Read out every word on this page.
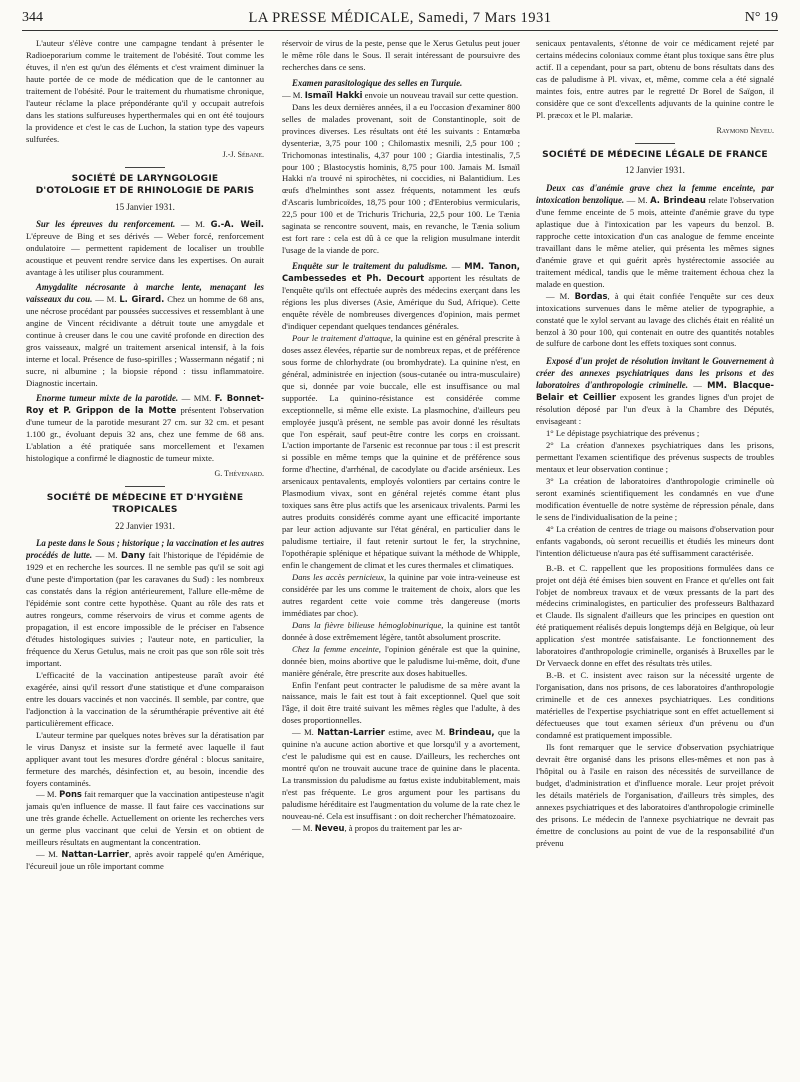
344	LA PRESSE MÉDICALE, Samedi, 7 Mars 1931	N° 19

L'auteur s'élève contre une campagne tendant à présenter le Radioeporarium comme le traitement de l'obésité. Tout comme les étuves, il n'en est qu'un des éléments et c'est vraiment diminuer la haute portée de ce mode de médication que de le cantonner au traitement de l'obésité. Pour le traitement du rhumatisme chronique, l'auteur réclame la place prépondérante qu'il y occupait autrefois dans les stations sulfureuses hyperthermales qui en ont été toujours la providence et c'est le cas de Luchon, la station type des vapeurs sulfurées.

J.-J. Sébane.

SOCIÉTÉ DE LARYNGOLOGIE
D'OTOLOGIE ET DE RHINOLOGIE DE PARIS

15 Janvier 1931.

Sur les épreuves du renforcement. — M. G.-A. Weil. L'épreuve de Bing et ses dérivés — Weber forcé, renforcement ondulatoire — permettent rapidement de localiser un troublle acoustique et peuvent rendre service dans les expertises. On aurait avantage à les utiliser plus couramment.

Amygdalite nécrosante à marche lente, menaçant les vaisseaux du cou. — M. L. Girard. Chez un homme de 68 ans, une nécrose procédant par poussées successives et ressemblant à une angine de Vincent récidivante a détruit toute une amygdale et continue à creuser dans le cou une cavité profonde en direction des gros vaisseaux, malgré un traitement arsenical intensif, à la fois interne et local. Présence de fuso-spirilles ; Wassermann négatif ; ni sucre, ni albumine ; la biopsie répond : tissu inflammatoire. Diagnostic incertain.

Enorme tumeur mixte de la parotide. — MM. F. Bonnet-Roy et P. Grippon de la Motte présentent l'observation d'une tumeur de la parotide mesurant 27 cm. sur 32 cm. et pesant 1.100 gr., évoluant depuis 32 ans, chez une femme de 68 ans. L'ablation a été pratiquée sans morcellement et l'examen histologique a confirmé le diagnostic de tumeur mixte.

G. Thévenard.

SOCIÉTÉ DE MÉDECINE ET D'HYGIÈNE TROPICALES

22 Janvier 1931.

La peste dans le Sous ; historique ; la vaccination et les autres procédés de lutte. — M. Dany fait l'historique de l'épidémie de 1929 et en recherche les sources. Il ne semble pas qu'il se soit agi d'une peste d'importation (par les caravanes du Sud) : les nombreux cas constatés dans la région antérieurement, l'allure elle-même de l'épidémie sont contre cette hypothèse. Quant au rôle des rats et autres rongeurs, comme réservoirs de virus et comme agents de propagation, il est encore impossible de le préciser en l'absence d'études histologiques suivies ; l'auteur note, en particulier, la fréquence du Xerus Getulus, mais ne croit pas que son rôle soit très important.

L'efficacité de la vaccination antipesteuse paraît avoir été exagérée, ainsi qu'il ressort d'une statistique et d'une comparaison entre les douars vaccinés et non vaccinés. Il semble, par contre, que l'adjonction à la vaccination de la sérumthérapie préventive ait été particulièrement efficace.

L'auteur termine par quelques notes brèves sur la dératisation par le virus Danysz et insiste sur la fermeté avec laquelle il faut appliquer avant tout les mesures d'ordre général : blocus sanitaire, fermeture des marchés, désinfection et, au besoin, incendie des foyers contaminés.

— M. Pons fait remarquer que la vaccination antipesteuse n'agit jamais qu'en influence de masse. Il faut faire ces vaccinations sur une très grande échelle. Actuellement on oriente les recherches vers un germe plus vaccinant que celui de Yersin et on obtient de meilleurs résultats en augmentant la concentration.

— M. Nattan-Larrier, après avoir rappelé qu'en Amérique, l'écureuil joue un rôle important comme

réservoir de virus de la peste, pense que le Xerus Getulus peut jouer le même rôle dans le Sous. Il serait intéressant de poursuivre des recherches dans ce sens.

Examen parasitologique des selles en Turquie.
— M. Ismaïl Hakki envoie un nouveau travail sur cette question.

Dans les deux dernières années, il a eu l'occasion d'examiner 800 selles de malades provenant, soit de Constantinople, soit de provinces diverses. Les résultats ont été les suivants : Entamœba dysenteriæ, 3,75 pour 100 ; Chilomastix mesnili, 2,5 pour 100 ; Trichomonas intestinalis, 4,37 pour 100 ; Giardia intestinalis, 7,5 pour 100 ; Blastocystis hominis, 8,75 pour 100. Jamais M. Ismaïl Hakki n'a trouvé ni spirochètes, ni coccidies, ni Balantidium. Les œufs d'helminthes sont assez fréquents, notamment les œufs d'Ascaris lumbricoïdes, 18,75 pour 100 ; d'Enterobius vermicularis, 22,5 pour 100 et de Trichuris Trichuria, 22,5 pour 100. Le Tænia saginata se rencontre souvent, mais, en revanche, le Tænia solium est fort rare : cela est dû à ce que la religion musulmane interdit l'usage de la viande de porc.

Enquête sur le traitement du paludisme. — MM. Tanon, Cambessedes et Ph. Decourt apportent les résultats de l'enquête qu'ils ont effectuée auprès des médecins exerçant dans les régions les plus diverses (Asie, Amérique du Sud, Afrique). Cette enquête révèle de nombreuses divergences d'opinion, mais permet d'indiquer cependant quelques tendances générales.

Pour le traitement d'attaque, la quinine est en général prescrite à doses assez élevées, répartie sur de nombreux repas, et de préférence sous forme de chlorhydrate (ou bromhydrate). La quinine n'est, en général, administrée en injection (sous-cutanée ou intra-musculaire) que si, donnée par voie buccale, elle est insuffisance ou mal supportée. La quinino-résistance est considérée comme exceptionnelle, si même elle existe. La plasmochine, d'ailleurs peu employée jusqu'à présent, ne semble pas avoir donné les résultats que l'on espérait, sauf peut-être contre les corps en croissant. L'action importante de l'arsenic est reconnue par tous : il est prescrit si possible en même temps que la quinine et de préférence sous forme d'hectine, d'arrhénal, de cacodylate ou d'acide arsénieux. Les arsenicaux pentavalents, employés volontiers par certains contre le Plasmodium vivax, sont en général rejetés comme étant plus toxiques sans être plus actifs que les arsenicaux trivalents. Parmi les autres produits considérés comme ayant une efficacité importante par leur action adjuvante sur l'état général, en particulier dans le paludisme tertiaire, il faut retenir surtout le fer, la strychnine, l'opothérapie splénique et hépatique suivant la méthode de Whipple, enfin le changement de climat et les cures thermales et climatiques.

Dans les accès pernicieux, la quinine par voie intra-veineuse est considérée par les uns comme le traitement de choix, alors que les autres regardent cette voie comme très dangereuse (morts immédiates par choc).

Dans la fièvre bilieuse hémoglobinurique, la quinine est tantôt donnée à dose extrêmement légère, tantôt absolument proscrite.

Chez la femme enceinte, l'opinion générale est que la quinine, donnée bien, moins abortive que le paludisme lui-même, doit, d'une manière générale, être prescrite aux doses habituelles.

Enfin l'enfant peut contracter le paludisme de sa mère avant la naissance, mais le fait est tout à fait exceptionnel. Quel que soit l'âge, il doit être traité suivant les mêmes règles que l'adulte, à des doses proportionnelles.

— M. Nattan-Larrier estime, avec M. Brindeau, que la quinine n'a aucune action abortive et que lorsqu'il y a avortement, c'est le paludisme qui est en cause. D'ailleurs, les recherches ont montré qu'on ne trouvait aucune trace de quinine dans le placenta. La transmission du paludisme au fœtus existe indubitablement, mais n'est pas fréquente. Le gros argument pour les partisans du paludisme héréditaire est l'augmentation du volume de la rate chez le nouveau-né. Cela est insuffisant : on doit rechercher l'hématozoaire.

— M. Neveu, à propos du traitement par les ar-

senicaux pentavalents, s'étonne de voir ce médicament rejeté par certains médecins coloniaux comme étant plus toxique sans être plus actif. Il a cependant, pour sa part, obtenu de bons résultats dans des cas de paludisme à Pl. vivax, et, même, comme cela a été signalé maintes fois, entre autres par le regretté Dr Borel de Saïgon, il considère que ce sont d'excellents adjuvants de la quinine contre le Pl. præcox et le Pl. malariæ.

Raymond Neveu.

SOCIÉTÉ DE MÉDECINE LÉGALE DE FRANCE

12 Janvier 1931.

Deux cas d'anémie grave chez la femme enceinte, par intoxication benzolique. — M. A. Brindeau relate l'observation d'une femme enceinte de 5 mois, atteinte d'anémie grave du type aplastique due à l'intoxication par les vapeurs du benzol. B. rapproche cette intoxication d'un cas analogue de femme enceinte travaillant dans le même atelier, qui présenta les mêmes signes d'anémie grave et qui guérit après hystérectomie associée au traitement médical, tandis que le même traitement échoua chez la malade en question.

— M. Bordas, à qui était confiée l'enquête sur ces deux intoxications survenues dans le même atelier de typographie, a constaté que le xylol servant au lavage des clichés était en réalité un benzol à 30 pour 100, qui contenait en outre des quantités notables de sulfure de carbone dont les effets toxiques sont connus.

Exposé d'un projet de résolution invitant le Gouvernement à créer des annexes psychiatriques dans les prisons et des laboratoires d'anthropologie criminelle. — MM. Blacque-Belair et Ceillier exposent les grandes lignes d'un projet de résolution déposé par l'un d'eux à la Chambre des Députés, envisageant :

1° Le dépistage psychiatrique des prévenus ;

2° La création d'annexes psychiatriques dans les prisons, permettant l'examen scientifique des prévenus suspects de troubles mentaux et leur observation continue ;

3° La création de laboratoires d'anthropologie criminelle où seront examinés scientifiquement les condamnés en vue d'une modification éventuelle de notre système de répression pénale, dans le sens de l'individualisation de la peine ;

4° La création de centres de triage ou maisons d'observation pour enfants vagabonds, où seront recueillis et étudiés les mineurs dont l'intention délictueuse n'aura pas été suffisamment caractérisée.

B.-B. et C. rappellent que les propositions formulées dans ce projet ont déjà été émises bien souvent en France et qu'elles ont fait l'objet de nombreux travaux et de vœux pressants de la part des médecins criminalogistes, en particulier des professeurs Balthazard et Claude. Ils signalent d'ailleurs que les principes en question ont été pratiquement réalisés depuis longtemps déjà en Belgique, où leur application s'est montrée satisfaisante. Le fonctionnement des laboratoires d'anthropologie criminelle, organisés à Bruxelles par le Dr Vervaeck donne en effet des résultats très utiles.

B.-B. et C. insistent avec raison sur la nécessité urgente de l'organisation, dans nos prisons, de ces laboratoires d'anthropologie criminelle et de ces annexes psychiatriques. Les conditions matérielles de l'expertise psychiatrique sont en effet actuellement si défectueuses que tout examen sérieux d'un prévenu ou d'un condamné est pratiquement impossible.

Ils font remarquer que le service d'observation psychiatrique devrait être organisé dans les prisons elles-mêmes et non pas à l'hôpital ou à l'asile en raison des nécessités de surveillance de budget, d'administration et d'influence morale. Leur projet prévoit les détails matériels de l'organisation, d'ailleurs très simples, des annexes psychiatriques et des laboratoires d'anthropologie criminelle des prisons. Le médecin de l'annexe psychiatrique ne devrait pas émettre de conclusions au point de vue de la responsabilité d'un prévenu
